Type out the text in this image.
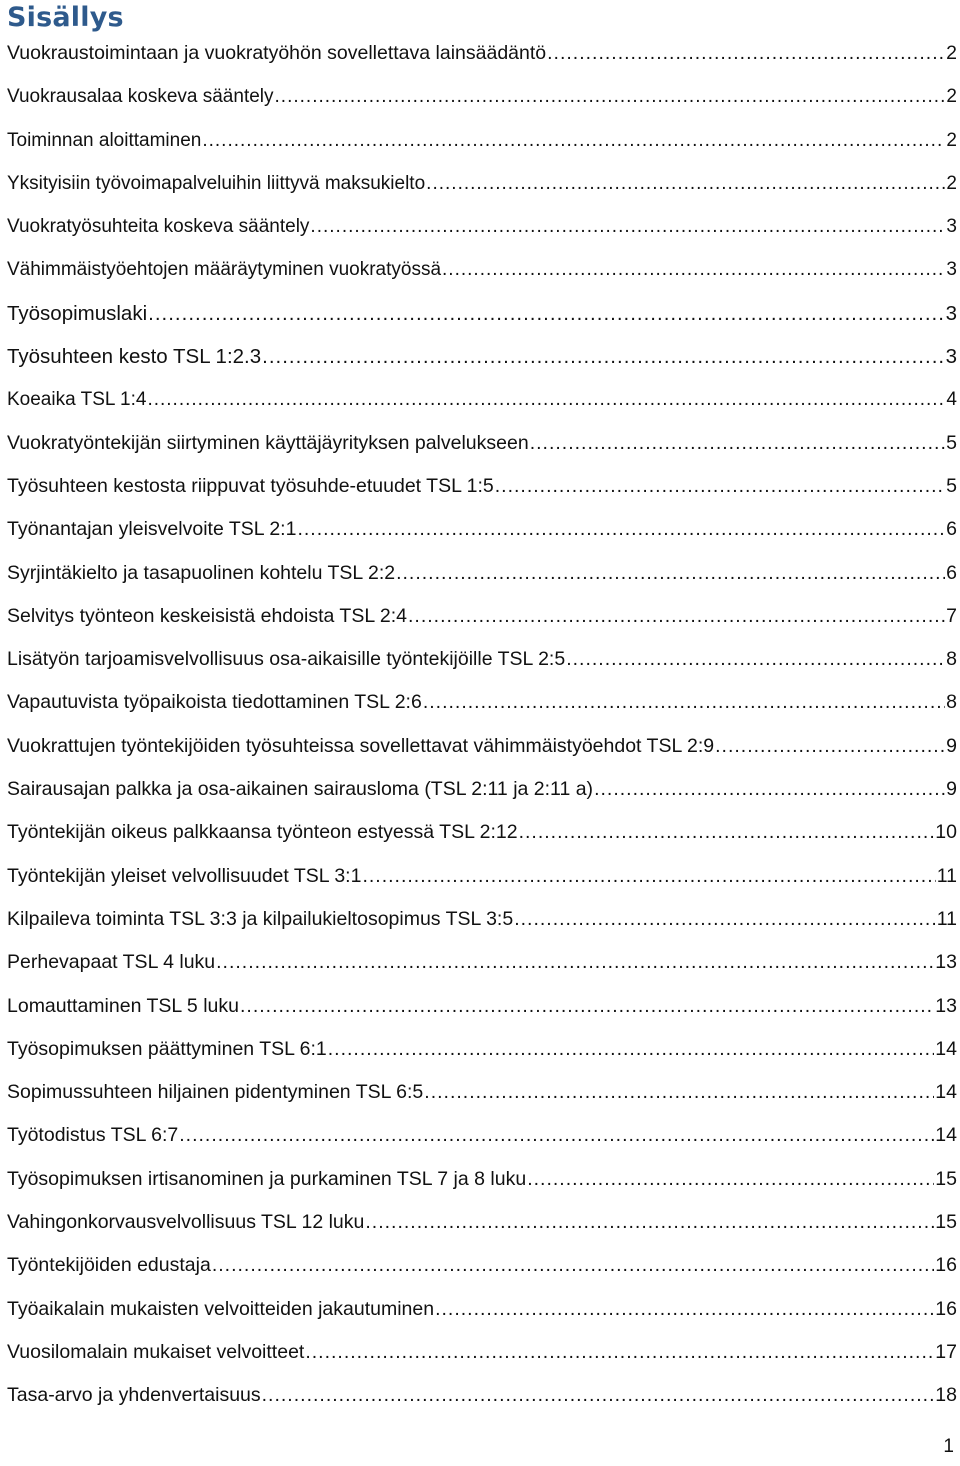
Sisällys
Vuokraustoimintaan ja vuokratyöhön sovellettava lainsäädäntö .....	2
Vuokrausalaa koskeva sääntely .....	2
Toiminnan aloittaminen .....	2
Yksityisiin työvoimapalveluihin liittyvä maksukielto .....	2
Vuokratyösuhteita koskeva sääntely .....	3
Vähimmäistyöehtojen määräytyminen vuokratyössä .....	3
Työsopimuslaki .....	3
Työsuhteen kesto TSL 1:2.3 .....	3
Koeaika TSL 1:4 .....	4
Vuokratyöntekijän siirtyminen käyttäjäyrityksen palvelukseen .....	5
Työsuhteen kestosta riippuvat työsuhde-etuudet TSL 1:5 .....	5
Työnantajan yleisvelvoite TSL 2:1 .....	6
Syrjintäkielto ja tasapuolinen kohtelu TSL 2:2 .....	6
Selvitys työnteon keskeisistä ehdoista TSL 2:4 .....	7
Lisätyön tarjoamisvelvollisuus osa-aikaisille työntekijöille TSL 2:5 .....	8
Vapautuvista työpaikoista tiedottaminen TSL 2:6 .....	8
Vuokrattujen työntekijöiden työsuhteissa sovellettavat vähimmäistyöehdot TSL 2:9 .....	9
Sairausajan palkka ja osa-aikainen sairausloma (TSL 2:11 ja 2:11 a) .....	9
Työntekijän oikeus palkkaansa työnteon estyessä TSL 2:12 .....	10
Työntekijän yleiset velvollisuudet TSL 3:1 .....	11
Kilpaileva toiminta TSL 3:3 ja kilpailukieltosopimus TSL 3:5 .....	11
Perhevapaat TSL 4 luku .....	13
Lomauttaminen TSL 5 luku .....	13
Työsopimuksen päättyminen TSL 6:1 .....	14
Sopimussuhteen hiljainen pidentyminen TSL 6:5 .....	14
Työtodistus TSL 6:7 .....	14
Työsopimuksen irtisanominen ja purkaminen TSL 7 ja 8 luku .....	15
Vahingonkorvausvelvollisuus TSL 12 luku .....	15
Työntekijöiden edustaja .....	16
Työaikalain mukaisten velvoitteiden jakautuminen .....	16
Vuosilomalain mukaiset velvoitteet .....	17
Tasa-arvo ja yhdenvertaisuus .....	18

1
